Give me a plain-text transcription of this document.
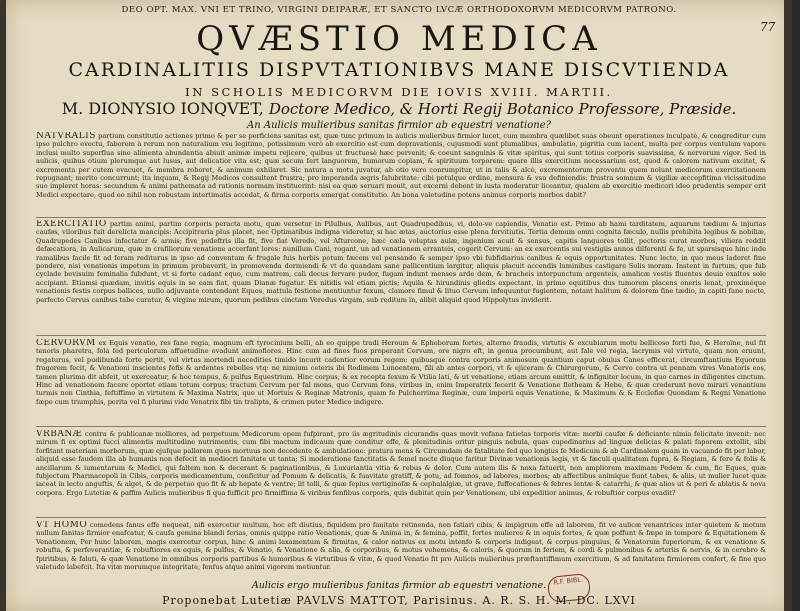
DEO OPT. MAX. VNI ET TRINO, VIRGINI DEIPARÆ, ET SANCTO LVCÆ ORTHODOXORVM MEDICORVM PATRONO.
77
QVÆSTIO MEDICA
CARDINALITIIS DISPVTATIONIBVS MANE DISCVTIENDA
IN SCHOLIS MEDICORVM DIE IOVIS XVIII. MARTII.
M. DIONYSIO IONQVET, Doctore Medico, & Horti Regij Botanico Professore, Præside.
An Aulicis mulieribus sanitas firmior ab equestri venatione?
NATVRALIS partium constitutio actiones primo & per se perficiens sanitas est, quæ tunc primum in aulicis mulieribus firmior lucet, cum membra quælibet suas obeunt operationes inculpatè, & congreditur cum ipso pulchro evectu, faborem à rerum non naturalium vsu legitimo, potissimum verò ab exercitio est cum depravationis, cujusmodi sunt plumalibus, ambulatio, pigritia cum iacent, multa per corpus ventulam vapore inclusi multo superflua sine alimenta abundantia abiuit animæ impetu rejicere, quibus ut fructuosè hæc pervenit; & coeunt sanguinis & vitæ spiritus, qui sunt totius corporis suavissima, & nervorum vigor. Sed in aulicis, quibus otium plerumque aut lusus, aut delicatior vita est; quæ secum fert languorem, humorum copiam, & spirituum torporem: quare illis exercitium necessarium est, quod & calorem nativum excitet, & excrementa per cutem evacuet, & membra roboret, & animum exhilaret. Sic natura a motu juvatur, ab otio vero conrumpitur, ut in talis & alcè, excrementorum proventu quem nolunt medicorum exercitationem repugnant; merito concurrunt; ita inquam, & Regij Medicos consultent frustra; pro imperanda ægris falubritate: cibi potulque ordine, mensura & vsu definiendis: frustra somnum & vigiliæ æccepfitima vicissitudine suo impleret horas: secundum & animi pathemata ad rationis normam instituerint: nisi ea quæ seruari mouit, aut excerni debent in iusta moderatur liceantur, qualem ab exercitio medicori ideo prudentis semper erit Medici expectare, quod eo nihil non robustam intertimatis accedat, & firma corporis emergat constitutio. An bona valetudine potens animus corporis morbos dabit?
EXERCITATIO partim animi, partim corporis peracta motu, quæ versetur in Pilulbus, Aulibus, aut Quadrupedibus, vi, dolo-ve capiendis, Venatio est. Primo ab hami tarditatem, aquarum tædium & injurias cauføs, viloribus fuit derelicta mancipis: Accipitraria plus placet, nec Optimatibus indigna videretur, si hac ætas, auctorius esse plena fervitiutis. Tertia demum omni cognita fæculo, nullis prohibita legibus & nobiliæ, Quadrupedes Canibus infectatur & armis; five pedeftris illa fit, five fiat Veredo, vel Afturcone, hæc cæla voluptas aulæ, ingenium acuit & sensus, capitis languores tollit, pectoris curat morbos, viliera reddit defæcatiora, in Aulicarum, quæ in crafiliorum venatione accerfant lores: nunillum Cani, rogant, un ad venationem erranteis, cogerit Cervum: an ex exercentis sui vestigiis annos dilferenti & fe, ut sparsisque hinc inde ramalibus facile fit ad feram rediturus in ipso ad conventum & frugale fuis herbis potum fæcem vel pensando & semper ipso vbi fubfidiarius canibus & equis opportunitates. Nunc lecto, in quo meus laderet fine pondere, nisi venationis impetum in primum probaverit, in promovenda dormiendi & vt de quandam sane pallicentium largitur, aliquis placuit accendis luminibus castigare Solis moram. Instent in furtum, que fub cyclade bevisuim feminalia fubdunt, vt si forte cadant equo, cum matrem, cali decus fervare pudor, fugam indunt menses arde dem, & bracheis interpunctum argenteis, amalicæ vestis fluentes deuia exaltos sole accipiant. Etiamsi quædam, invitis equis in se eam fiat, quam Dianæ fugatur. Ex nitidis vel etiam pictis; Aquila & hirundinis gliedis expectant, in primo equitibus dus tumorem placens oneris lenat, proximéque venationis festis corpus ballices, nullo adjuvante contendant Equos, mattula festione mentiuntur fexum, clamore fimul & lituo Cervum infequuntur fugientem, notant halitum & dolorem fine tædio, in capiti fane nocte, perfecto Cervus canibus tabe curatur, & virgine mirum, quorum pedibus cinctam Veredus virgam, sub reditum in, alibit aliquid quod Hippolytus inviderit.
CERVORVM ex Equis venatio, res fane regia, magnum eft tyrocinium belli, ab eo quippe tradi Heroum & Epheborum fortes, alterno fraudis, virtutis & excubiarum motu bellicoso forti fue, & Heroïne, nul fit tenoris pharetra, fola fed periculorum affuetudine evadunt animofiores. Hinc cum ad fines fuos properant Cervum, ore nigro eft, in genua procumbunt, aut fale vel regia, lacrymis vel virtute, quam non eruunt, regaturus, vel pudibunda forte pertit, vel virtus mortendi necedities timido incurit cadentior vorum regem: quibusque contra corporis animosum quantium caput obuius Canes efficerat, circumftantium Equorum fragorem fecit, & Venationi inscientes fefis & ardentes rebelles vtq: ne nimium ceteris ibi Rodimem Lunoentem, fili ab antes corpori, vt & ejiceram & Chirurgorum, & Cervo contra ut pennam vires Venatoris eos, tamen plurima dit abfeit, ut exerceatur, & hoc tempus, & pulfus Equestrium. Hinc corpus, & ex recepta fexum & Vtilia lati, & ut venatione, etiam arcum emittit, & infigniter locum, in quo carnes in diligentes cinctum. Hinc ad venationem facere oportet etiam totum corpus; tractum Cervum per fal mons, quo Cervum fons, viribus in, enim Imperatrix fecerit & Venatione flotheam & Hebe, & quæ crederunt novo mirari venantium turmis non Cinthia, feftiffimo in virtutem & Maxima Natrix, que ut Mortuis & Reginæ Matronis, quam fe Pulcherrima Reginæ, cum imperii equis Venatione, & Maximum & & Ecclefiæ Quondam & Regni Venatione fæpe cum triumphis, perita vel fi plurimi vide Venatrix fibi tin tralipta, & crimen puter Medico indigere.
VRBANÆ contra & publicanæ molliores, ad perpetuum Medicorum opem fufpirant, pro iis ægritudinis cicurandis quas movit vefana fatietas torporis vitæ: morbi caufæ & deficiante nimia felicitate invenit: nec mirum fi ex optimi fucci alimentis multitudine nutrimentis, cum fibi mactum indicaum quæ conditur effe, & plenitudinis oritur pinguis nebula, quas cupedinarius ad linguæ delicias & palati faporem extollit, sibi forfitant materiam morborum, quæ ejufque pallorem quos mortuus non decedente & ambulatione: pratura mens & Circumdam de fatalitate fed quo longius fe Medicum & ab Cardinalem quam in vacuando fit per labor, aliquid esse faudem illa ab humanis non defecit in mediocri fanitate ut tanta; Si moderatione fanctitatis & femel nocte diuque faritur Divinæ venationis legis, vt & fæculi qualitatem fupra, & Regiam, & fere & folis & ancillarum & iumentarum & Medici, qui faltem non & decerant & paginationibus, & Luxuriantia vitia & rebus & dolor. Cum autem ilis & noxa fatuerit, non ampliorem maximam Pedem & cum, fic Eques, quæ fubjectum Pharmacopoli in Cibis, corporis medicamentum, conficitur ad Pomum & delicatis, & fuavitate gratiff, & potu, ad fomnos, ad labores, morbos; ab affectibus animique fiunt tabes, & aliis, ut mulier lucet quæ iaceat in lecto anguftis, & alget, & de perpetuo quo fit & ab hepate & ventre; lit tolli, & quæ fepius vertiginofæ & cephalalgiæ, ut grave, fuffocationes & febres lentæ & catarrhi, & quæ alios ut & peri & ablatis & nova corpora. Ergo Lutetiæ & paffim Aulicis mulieribus fi qua fufficit pro firmiffima & viribus fenfibus corporis, quis dubitat quin per Venationem, ubi expeditior animus, & robuftior corpus evadit?
VT HOMO comedens fanus effe nequeat, nifi exercetur multum, hoc eft diutius, fiquidem pro fanitate retinenda, non fatiari cibis, & impigrum effe ad laborem, fit ve aulicæ venantrices inter quietem & motum nullum fanitas firmior enafcatur, & caufa gemina blandi ferias, omnis quippe ratio Venationis, quæ & Anima in, & femina, poffit, fortes mulieres & in equis fortes, & quæ poffunt & fæpe in tempore & Equitationem & Venationem, Per hunc laborem, magis exercetur corpus, hinc & animi laxamentum & firmitas, & calor nativus ex motu intenfo & corporis indigeat, & corpus pinguius, & Venatorum fuperiorum, & ex venatione & robufta, & perfeverantiæ, & robuftiores ex equis, & pulfus, & Venatio, & Venatione & alia, & corporibus, & motus vehemens, & caloris, & quorum in feriem, & cordi & pulmonibus & arteriis & nervis, & in cerebro & fpiritibus, & faluti, & quæ Venatione in omnibus corporis partibus & humoribus & virtutibus & vitæ, & quod Venatio fit pro Aulicis mulieribus præftantiffimum exercitium, & ad fanitatem firmiorem confert, & fine quo valetudo labefcit. Ita vitæ morumque integritate, fenfus atque animi vigorem metiuntur.
Aulicis ergo mulieribus fanitas firmior ab equestri venatione.	R.F. BIBL.
Proponebat Lutetiæ PAVLVS MATTOT, Parisinus. A. R. S. H. M. DC. LXVI
